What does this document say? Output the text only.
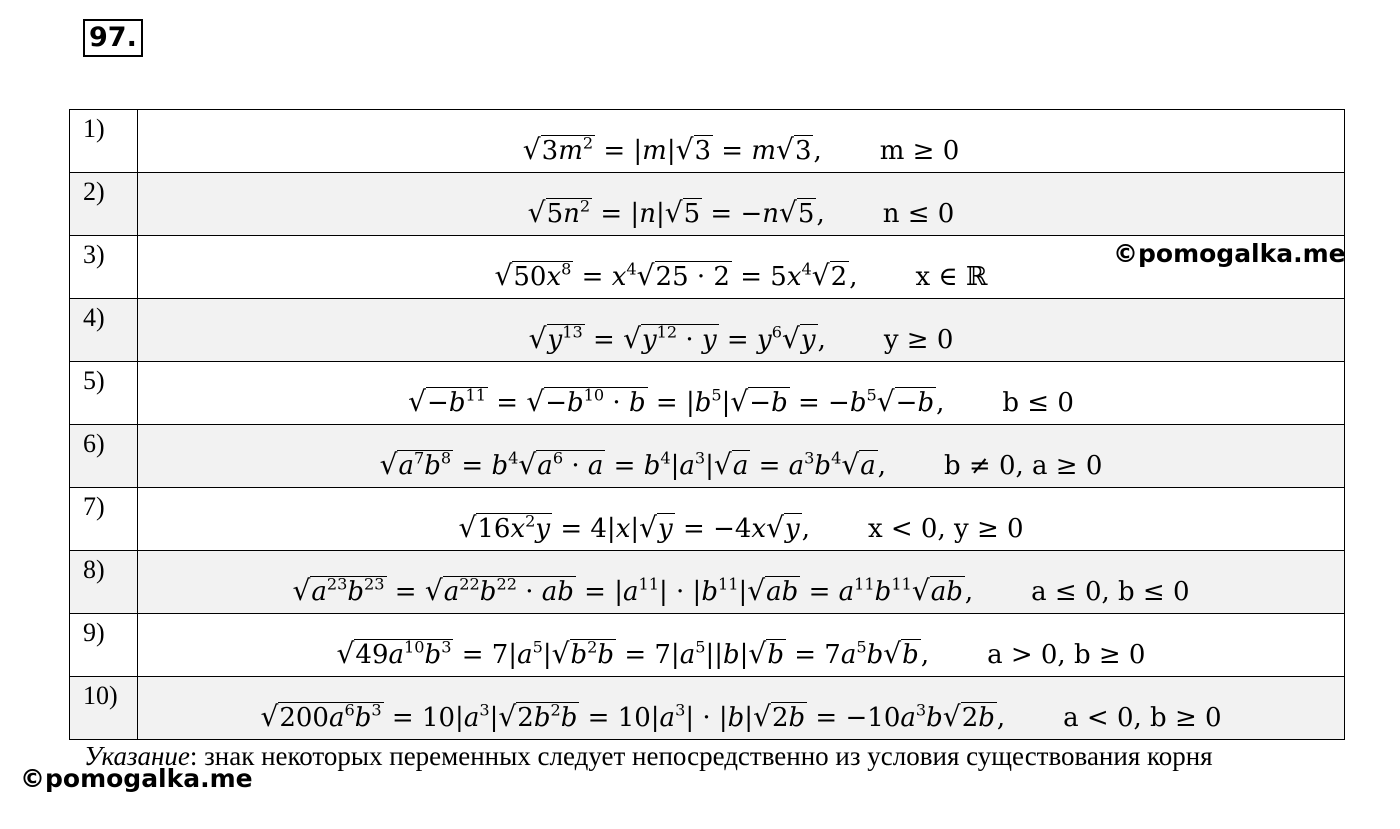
97.
1)	$√3m^2 = |m|√3 = m√3$, m ≥ 0
2)	$√5n^2 = |n|√5 = -n√5$, n ≤ 0
3)	$√50x^8 = x^4√25 \cdot 2 = 5x^4√2$, x ∈ ℝ
4)	$√y^{13} = √y^{12} \cdot y = y^6√y$, y ≥ 0
5)	$√-b^{11} = √-b^{10} \cdot b = |b^5|√-b = -b^5√-b$, b ≤ 0
6)	$√a^7b^8 = b^4√a^6 \cdot a = b^4|a^3|√a = a^3b^4√a$, b ≠ 0, a ≥ 0
7)	$√16x^2y = 4|x|√y = -4x√y$, x < 0, y ≥ 0
8)	$√a^{23}b^{23} = √a^{22}b^{22}$ · ab = $|a^{11}| \cdot |b^{11}|√ab = a^{11}b^{11}√ab$, a ≤ 0, b ≤ 0
9)	$√49a^{10}b^3 = 7|a^5|√b^2b = 7|a^5||b|√b = 7a^5b√b$, a > 0, b ≥ 0
10)	$√200a^6b^3 = 10|a^3|√2b^2b = 10|a^3| \cdot |b|√2b = -10a^3b√2b$, a < 0, b ≥ 0
©pomogalka.me
Указание: знак некоторых переменных следует непосредственно из условия существования корня
©pomogalka.me
